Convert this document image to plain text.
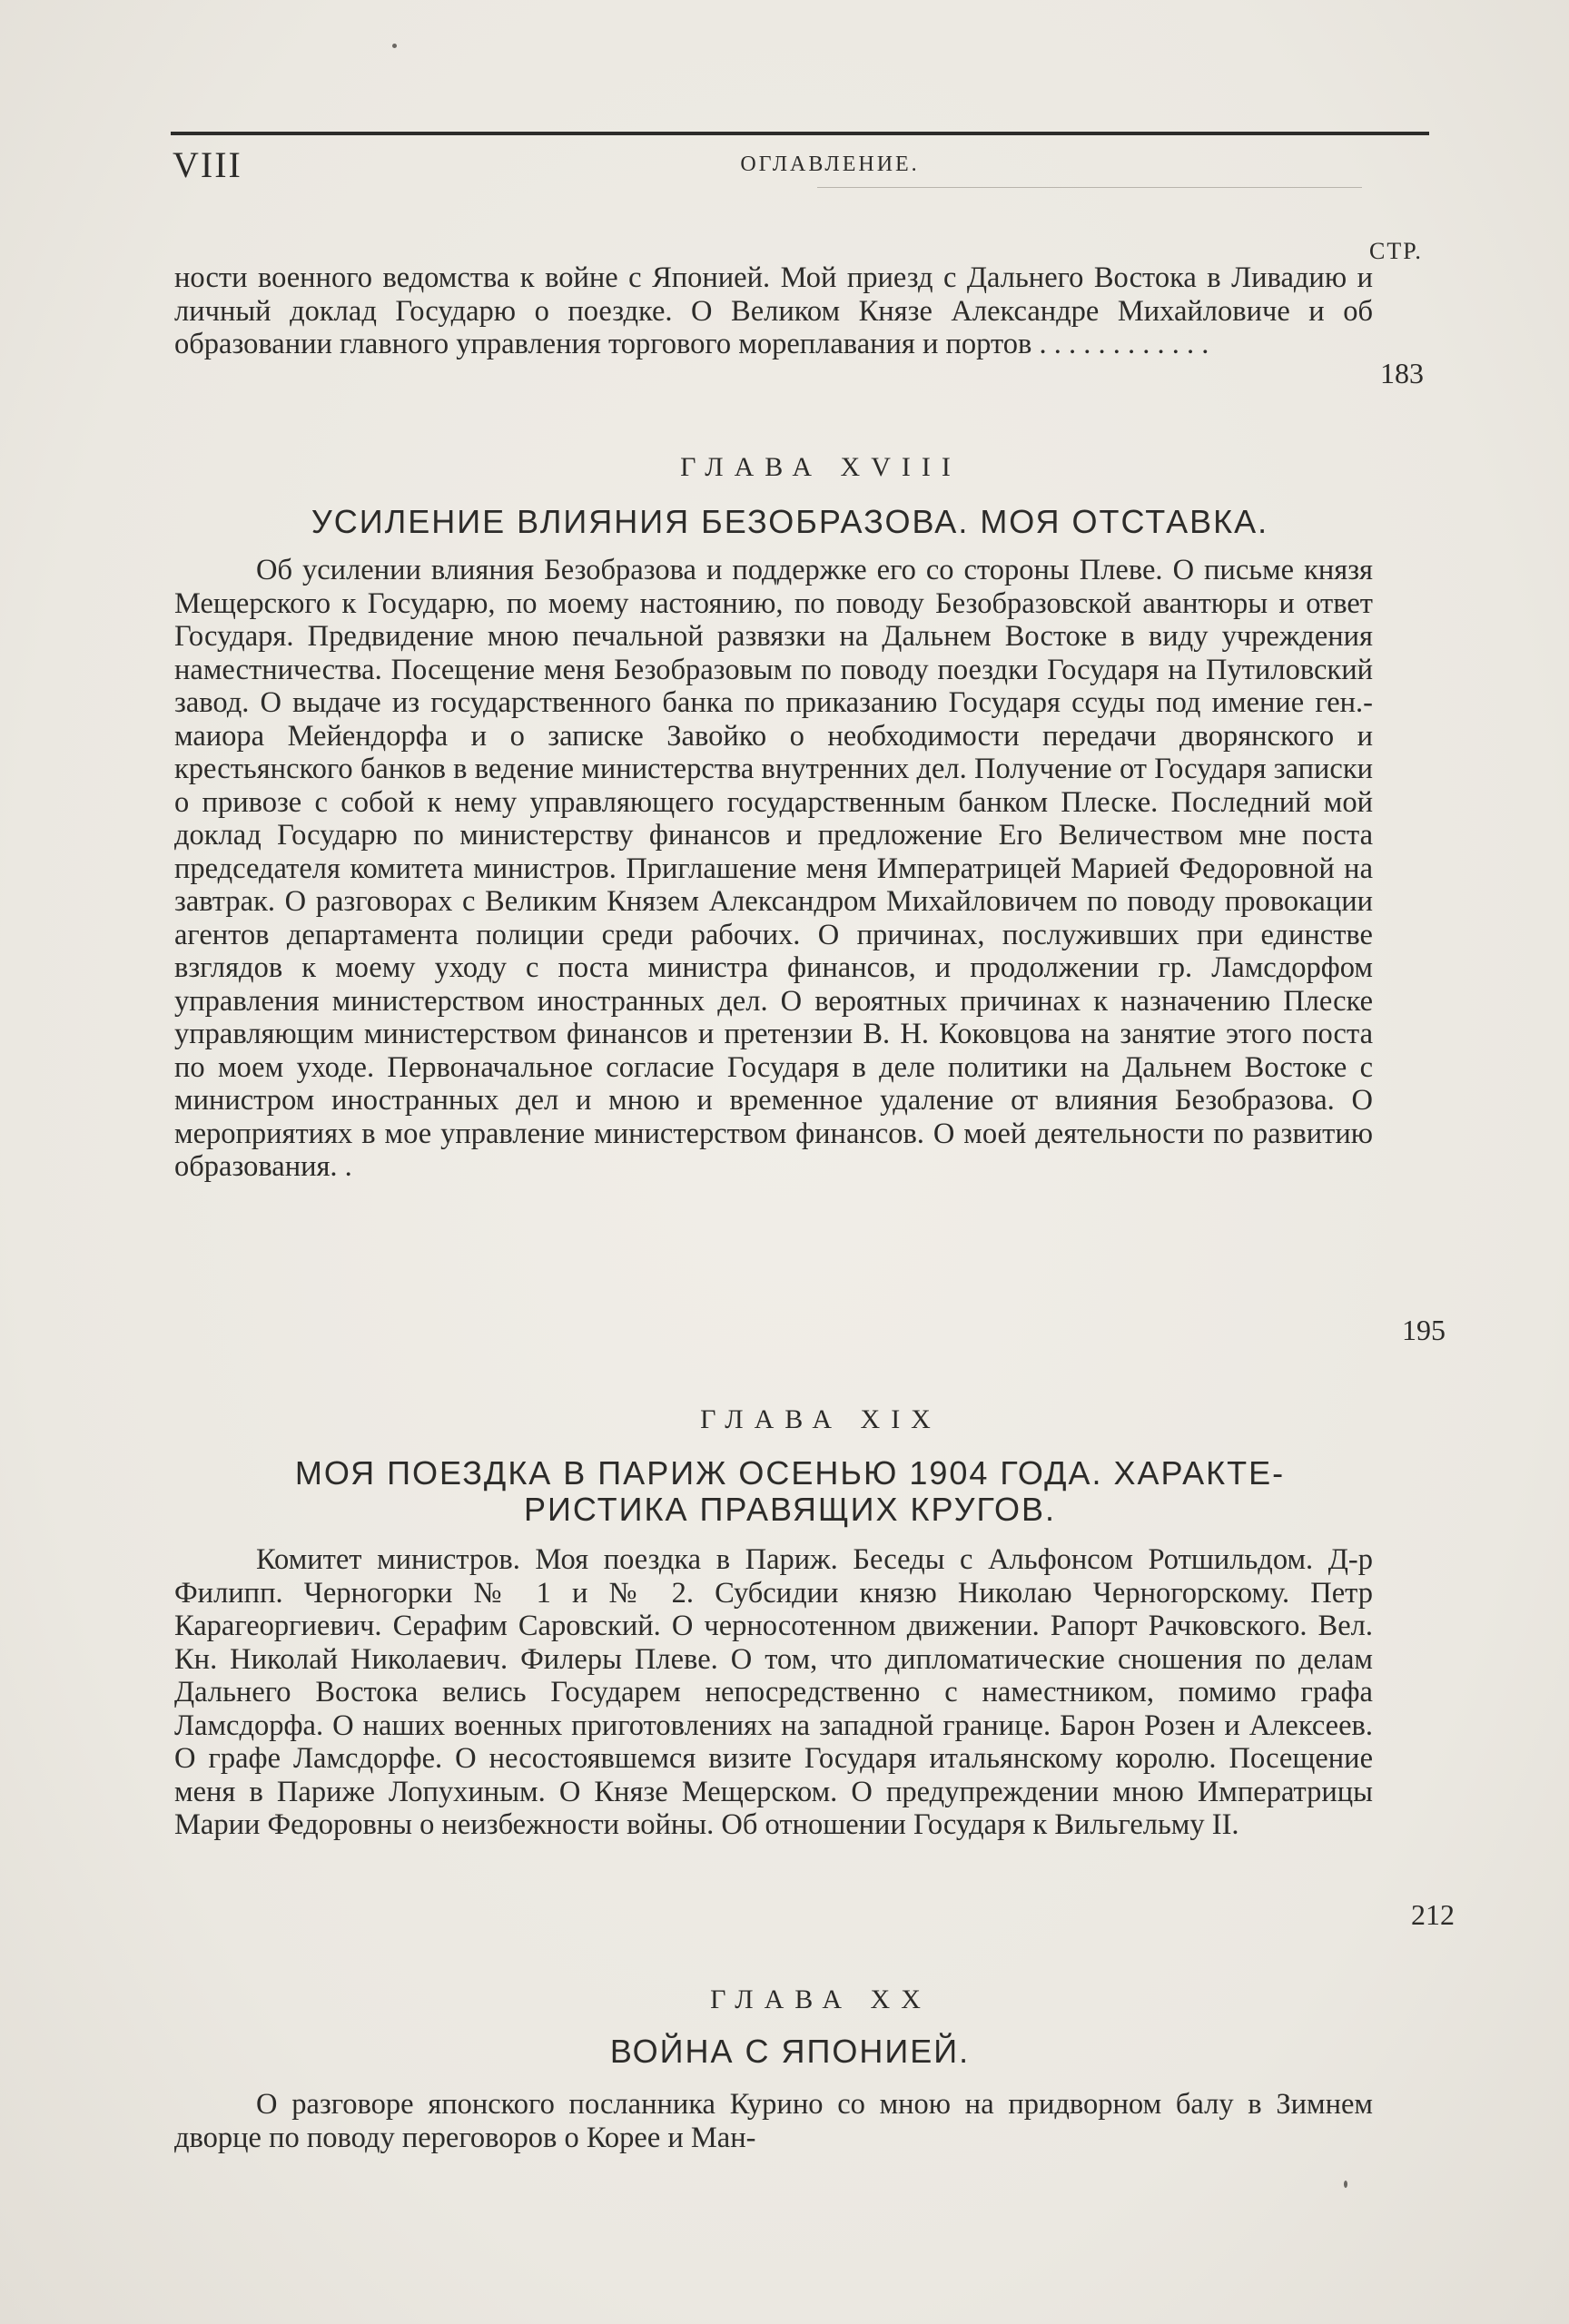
VIII	ОГЛАВЛЕНИЕ.
СТР.

ности военного ведомства к войне с Японией. Мой приезд с Дальнего Востока в Ливадию и личный доклад Государю о поездке. О Великом Князе Александре Михайловиче и об образовании главного управления торгового мореплавания и портов . . . . . . . . . . . .

183
ГЛАВА XVIII
УСИЛЕНИЕ ВЛИЯНИЯ БЕЗОБРАЗОВА. МОЯ ОТСТАВКА.

Об усилении влияния Безобразова и поддержке его со стороны Плеве. О письме князя Мещерского к Государю, по моему настоянию, по поводу Безобразовской авантюры и ответ Государя. Предвидение мною печальной развязки на Дальнем Востоке в виду учреждения наместничества. Посещение меня Безобразовым по поводу поездки Государя на Путиловский завод. О выдаче из государственного банка по приказанию Государя ссуды под имение ген.-маиора Мейендорфа и о записке Завойко о необходимости передачи дворянского и крестьянского банков в ведение министерства внутренних дел. Получение от Государя записки о привозе с собой к нему управляющего государственным банком Плеске. Последний мой доклад Государю по министерству финансов и предложение Его Величеством мне поста председателя комитета министров. Приглашение меня Императрицей Марией Федоровной на завтрак. О разговорах с Великим Князем Александром Михайловичем по поводу провокации агентов департамента полиции среди рабочих. О причинах, послуживших при единстве взглядов к моему уходу с поста министра финансов, и продолжении гр. Ламсдорфом управления министерством иностранных дел. О вероятных причинах к назначению Плеске управляющим министерством финансов и претензии В. Н. Коковцова на занятие этого поста по моем уходе. Первоначальное согласие Государя в деле политики на Дальнем Востоке с министром иностранных дел и мною и временное удаление от влияния Безобразова. О мероприятиях в мое управление министерством финансов. О моей деятельности по развитию образования. .

195
ГЛАВА XIX
МОЯ ПОЕЗДКА В ПАРИЖ ОСЕНЬЮ 1904 ГОДА. ХАРАКТЕ-
РИСТИКА ПРАВЯЩИХ КРУГОВ.

Комитет министров. Моя поездка в Париж. Беседы с Альфонсом Ротшильдом. Д-р Филипп. Черногорки № 1 и № 2. Субсидии князю Николаю Черногорскому. Петр Карагеоргиевич. Серафим Саровский. О черносотенном движении. Рапорт Рачковского. Вел. Кн. Николай Николаевич. Филеры Плеве. О том, что дипломатические сношения по делам Дальнего Востока велись Государем непосредственно с наместником, помимо графа Ламсдорфа. О наших военных приготовлениях на западной границе. Барон Розен и Алексеев. О графе Ламсдорфе. О несостоявшемся визите Государя итальянскому королю. Посещение меня в Париже Лопухиным. О Князе Мещерском. О предупреждении мною Императрицы Марии Федоровны о неизбежности войны. Об отношении Государя к Вильгельму II.

212
ГЛАВА XX
ВОЙНА С ЯПОНИЕЙ.

О разговоре японского посланника Курино со мною на придворном балу в Зимнем дворце по поводу переговоров о Корее и Ман-
